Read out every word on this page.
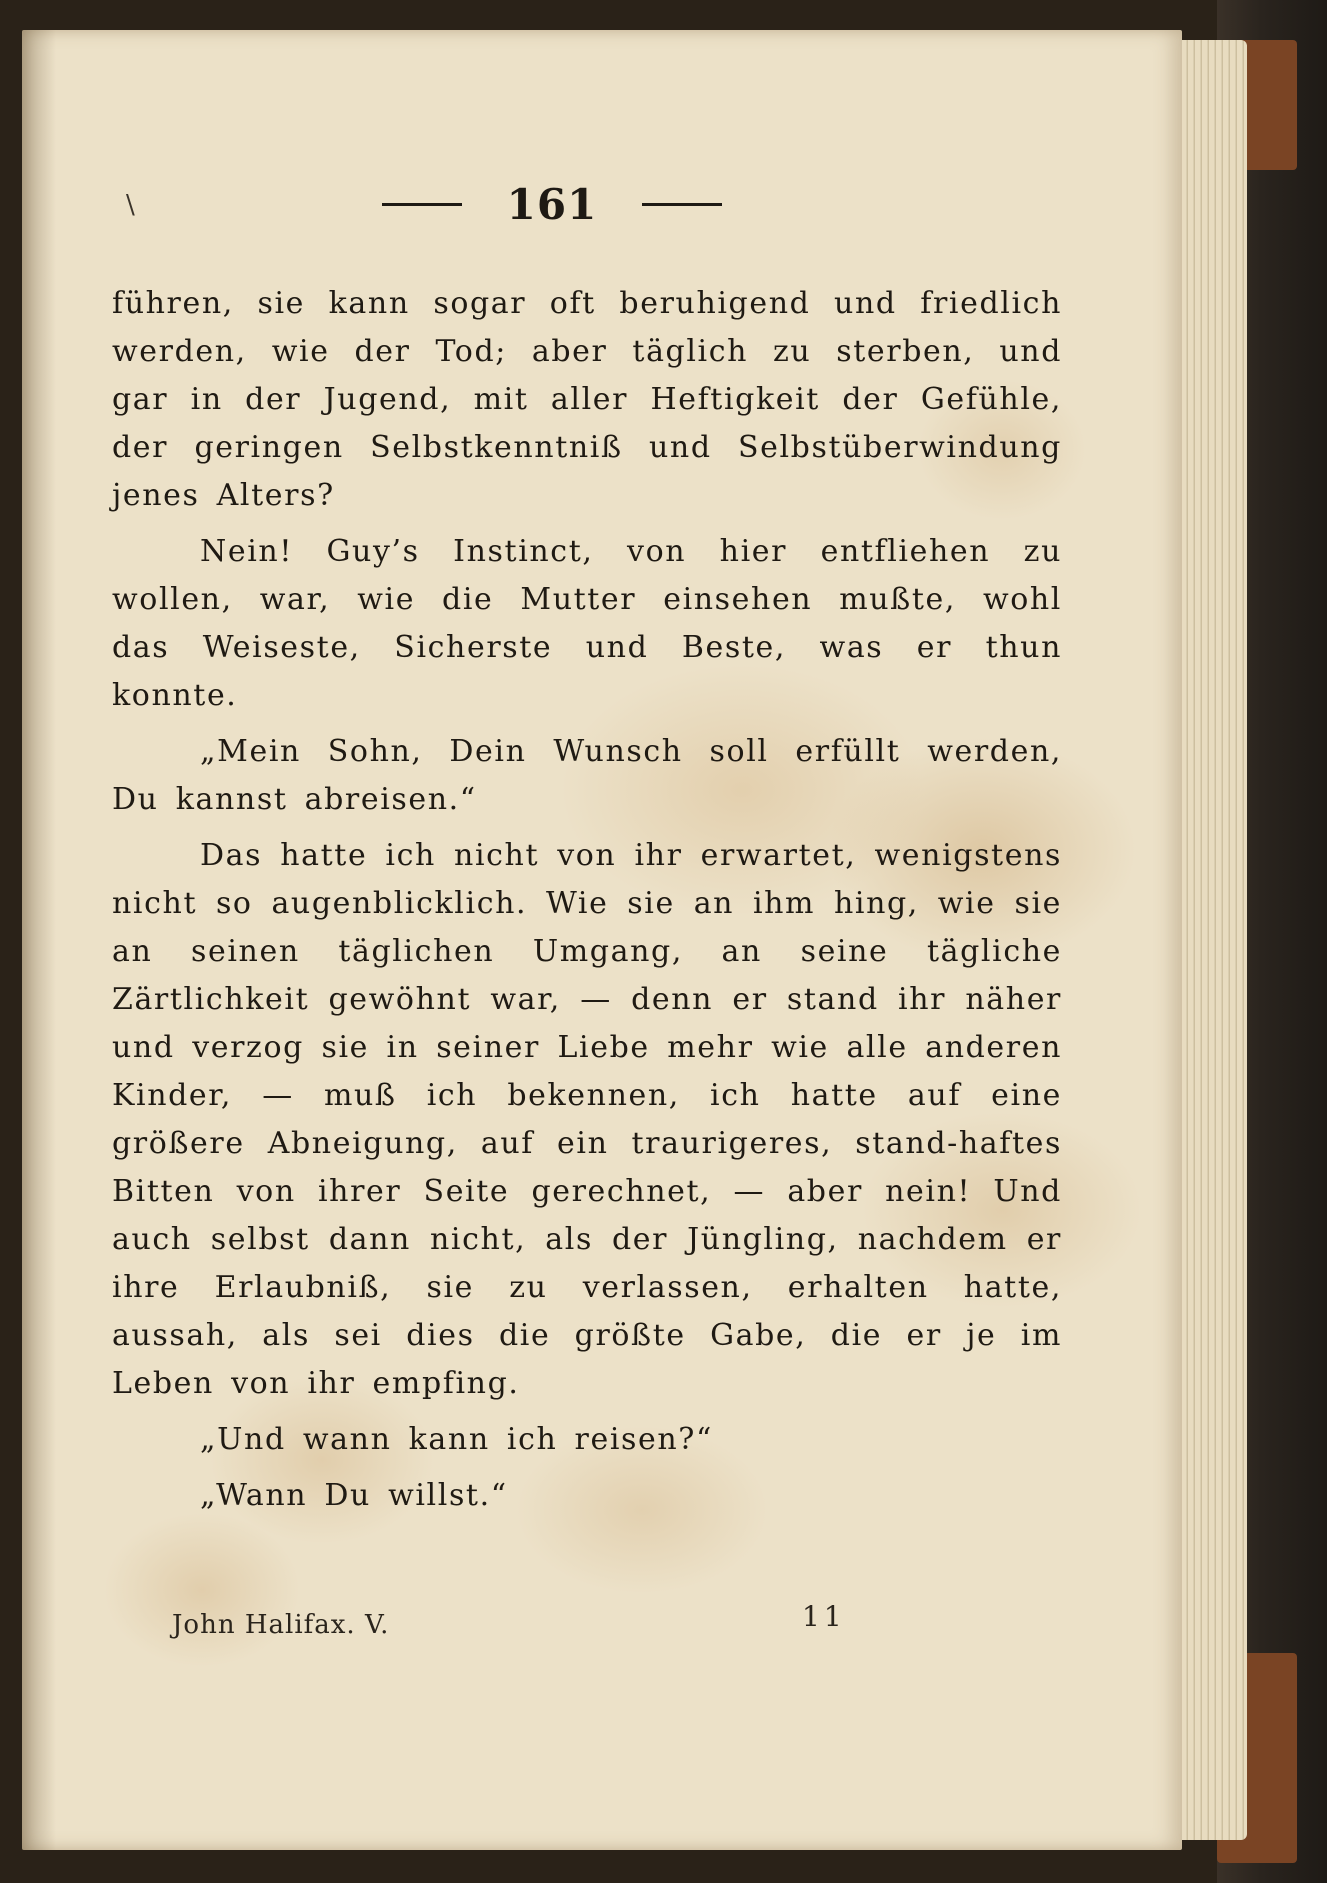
\	161

führen, sie kann sogar oft beruhigend und friedlich werden, wie der Tod; aber täglich zu sterben, und gar in der Jugend, mit aller Heftigkeit der Gefühle, der geringen Selbstkenntniß und Selbstüberwindung jenes Alters?

Nein! Guy’s Instinct, von hier entfliehen zu wollen, war, wie die Mutter einsehen mußte, wohl das Weiseste, Sicherste und Beste, was er thun konnte.

„Mein Sohn, Dein Wunsch soll erfüllt werden, Du kannst abreisen.“

Das hatte ich nicht von ihr erwartet, wenigstens nicht so augenblicklich. Wie sie an ihm hing, wie sie an seinen täglichen Umgang, an seine tägliche Zärtlichkeit gewöhnt war, — denn er stand ihr näher und verzog sie in seiner Liebe mehr wie alle anderen Kinder, — muß ich bekennen, ich hatte auf eine größere Abneigung, auf ein traurigeres, stand-haftes Bitten von ihrer Seite gerechnet, — aber nein! Und auch selbst dann nicht, als der Jüngling, nachdem er ihre Erlaubniß, sie zu verlassen, erhalten hatte, aussah, als sei dies die größte Gabe, die er je im Leben von ihr empfing.

„Und wann kann ich reisen?“

„Wann Du willst.“

John Halifax. V.	11
